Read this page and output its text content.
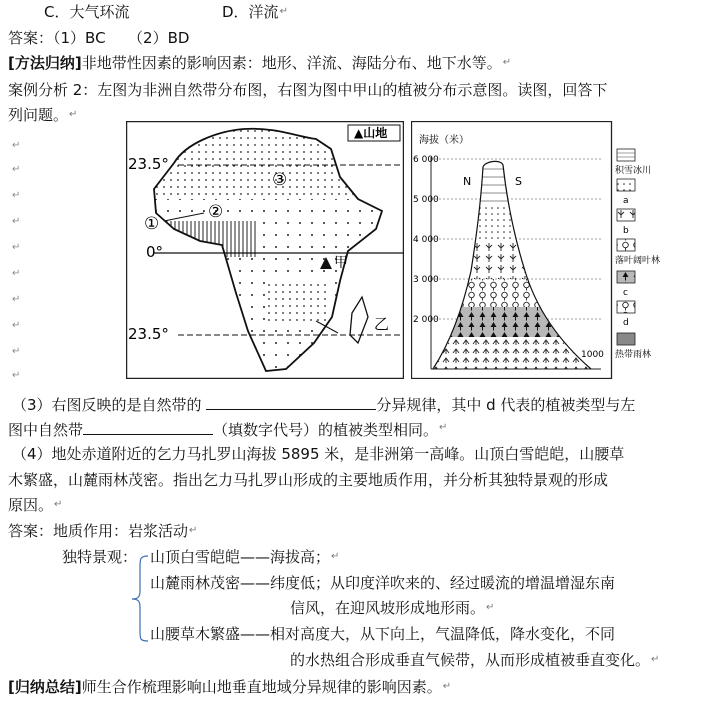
C．大气环流	D．洋流↵
答案：（1）BC　　（2）BD
[方法归纳]非地带性因素的影响因素：地形、洋流、海陆分布、地下水等。↵
案例分析 2：左图为非洲自然带分布图，右图为图中甲山的植被分布示意图。读图，回答下
列问题。↵
↵
↵
↵
↵
↵
↵
↵
↵
↵
↵
▲山地
23.5°
0°
23.5°
①
②
③
甲
乙
海拔（米）
6 000
5 000
4 000
3 000
2 000
N	S
1000
积雪冰川
a
b
落叶阔叶林
c
d
热带雨林
（3）右图反映的是自然带的	分异规律，其中 d 代表的植被类型与左
图中自然带	（填数字代号）的植被类型相同。↵
（4）地处赤道附近的乞力马扎罗山海拔 5895 米，是非洲第一高峰。山顶白雪皑皑，山腰草
木繁盛，山麓雨林茂密。指出乞力马扎罗山形成的主要地质作用，并分析其独特景观的形成
原因。↵
答案：地质作用：岩浆活动↵
独特景观： 山顶白雪皑皑——海拔高；↵
山麓雨林茂密——纬度低；从印度洋吹来的、经过暖流的增温增湿东南
信风，在迎风坡形成地形雨。↵
山腰草木繁盛——相对高度大，从下向上，气温降低，降水变化，不同
的水热组合形成垂直气候带，从而形成植被垂直变化。↵
[归纳总结]师生合作梳理影响山地垂直地域分异规律的影响因素。↵
